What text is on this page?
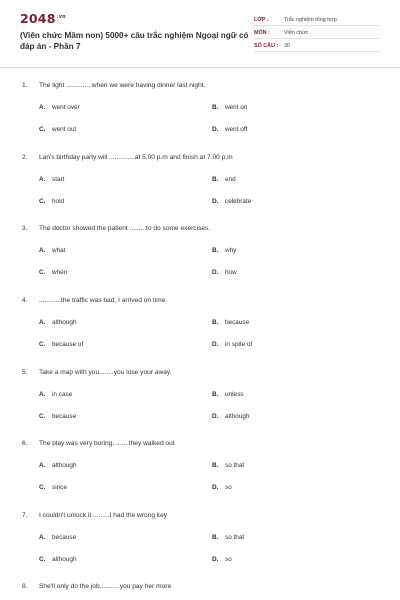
$2048^{.vn}$
(Viên chức Mầm non) 5000+ câu trắc nghiệm Ngoại ngữ có đáp án - Phần 7
LỚP :	Trắc nghiệm tổng hợp
MÔN :	Viên chức
SỐ CÂU : 30
1. The light ..............when we were having dinner last night.
A. went over	B. went on
C. went out	D. went off
2. Lan's birthday party will ..............at 5.00 p.m and finish at 7.00 p.m
A. start	B. end
C. hold	D. celebrate
3. The doctor showed the patient .........to do some exercises.
A. what	B. why
C. when	D. how
4. ............the traffic was bad, I arrived on time.
A. although	B. because
C. because of	D. in spite of
5. Take a map with you........you lose your away.
A. in case	B. unless
C. because	D. although
6. The play was very boring, .......they walked out
A. although	B. so that
C. since	D. so
7. I couldn't unlock it .........I had the wrong key
A. because	B. so that
C. although	D. so
8. She'll only do the job...........you pay her more
